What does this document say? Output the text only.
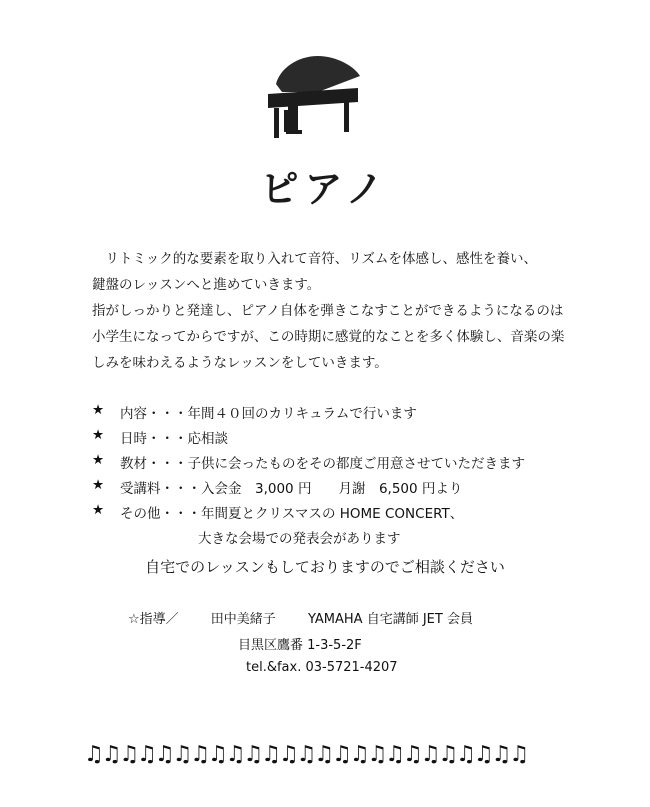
ピアノ

リトミック的な要素を取り入れて音符、リズムを体感し、感性を養い、

鍵盤のレッスンへと進めていきます。

指がしっかりと発達し、ピアノ自体を弾きこなすことができるようになるのは

小学生になってからですが、この時期に感覚的なことを多く体験し、音楽の楽

しみを味わえるようなレッスンをしていきます。

★	内容・・・年間４０回のカリキュラムで行います
★	日時・・・応相談
★	教材・・・子供に会ったものをその都度ご用意させていただきます
★	受講料・・・入会金　3,000 円　　月謝　6,500 円より
★	その他・・・年間夏とクリスマスの HOME CONCERT、
大きな会場での発表会があります
自宅でのレッスンもしておりますのでご相談ください
☆指導／ 田中美緒子 YAMAHA 自宅講師 JET 会員
目黒区鷹番 1-3-5-2F
tel.&fax. 03-5721-4207
♫♫♫♫♫♫♫♫♫♫♫♫♫♫♫♫♫♫♫♫♫♫♫♫♫
